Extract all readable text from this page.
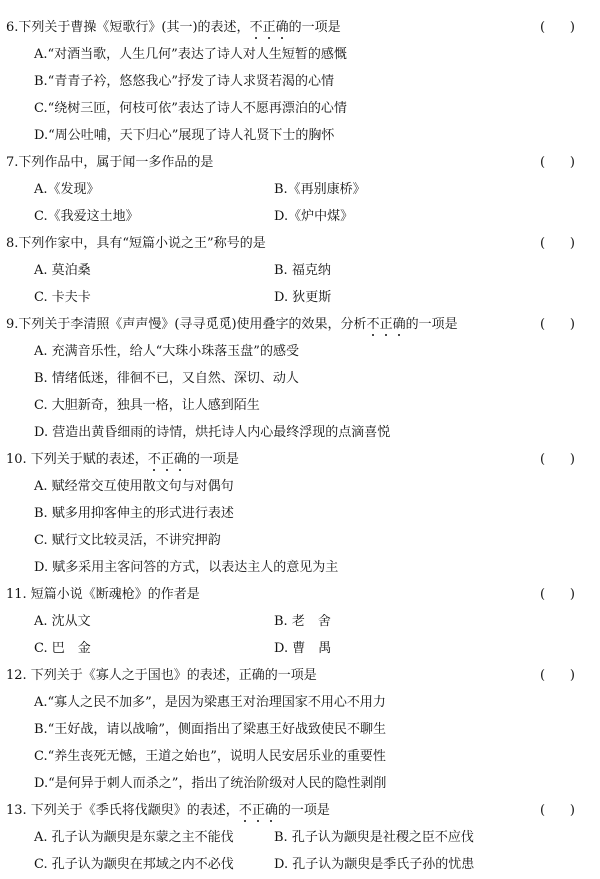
6.下列关于曹操《短歌行》(其一)的表述，不正确的一项是	(      )
A.“对酒当歌，人生几何”表达了诗人对人生短暂的感慨
B.“青青子衿，悠悠我心”抒发了诗人求贤若渴的心情
C.“绕树三匝，何枝可依”表达了诗人不愿再漂泊的心情
D.“周公吐哺，天下归心”展现了诗人礼贤下士的胸怀
7.下列作品中，属于闻一多作品的是	(      )
A.《发现》	B.《再别康桥》
C.《我爱这土地》	D.《炉中煤》
8.下列作家中，具有“短篇小说之王”称号的是	(      )
A. 莫泊桑	B. 福克纳
C. 卡夫卡	D. 狄更斯
9.下列关于李清照《声声慢》(寻寻觅觅)使用叠字的效果，分析不正确的一项是	(      )
A. 充满音乐性，给人“大珠小珠落玉盘”的感受
B. 情绪低迷，徘徊不已，又自然、深切、动人
C. 大胆新奇，独具一格，让人感到陌生
D. 营造出黄昏细雨的诗情，烘托诗人内心最终浮现的点滴喜悦
10. 下列关于赋的表述，不正确的一项是	(      )
A. 赋经常交互使用散文句与对偶句
B. 赋多用抑客伸主的形式进行表述
C. 赋行文比较灵活，不讲究押韵
D. 赋多采用主客问答的方式，以表达主人的意见为主
11. 短篇小说《断魂枪》的作者是	(      )
A. 沈从文	B. 老　舍
C. 巴　金	D. 曹　禺
12. 下列关于《寡人之于国也》的表述，正确的一项是	(      )
A.“寡人之民不加多”，是因为梁惠王对治理国家不用心不用力
B.“王好战，请以战喻”，侧面指出了梁惠王好战致使民不聊生
C.“养生丧死无憾，王道之始也”，说明人民安居乐业的重要性
D.“是何异于刺人而杀之”，指出了统治阶级对人民的隐性剥削
13. 下列关于《季氏将伐颛臾》的表述，不正确的一项是	(      )
A. 孔子认为颛臾是东蒙之主不能伐	B. 孔子认为颛臾是社稷之臣不应伐
C. 孔子认为颛臾在邦域之内不必伐	D. 孔子认为颛臾是季氏子孙的忧患
